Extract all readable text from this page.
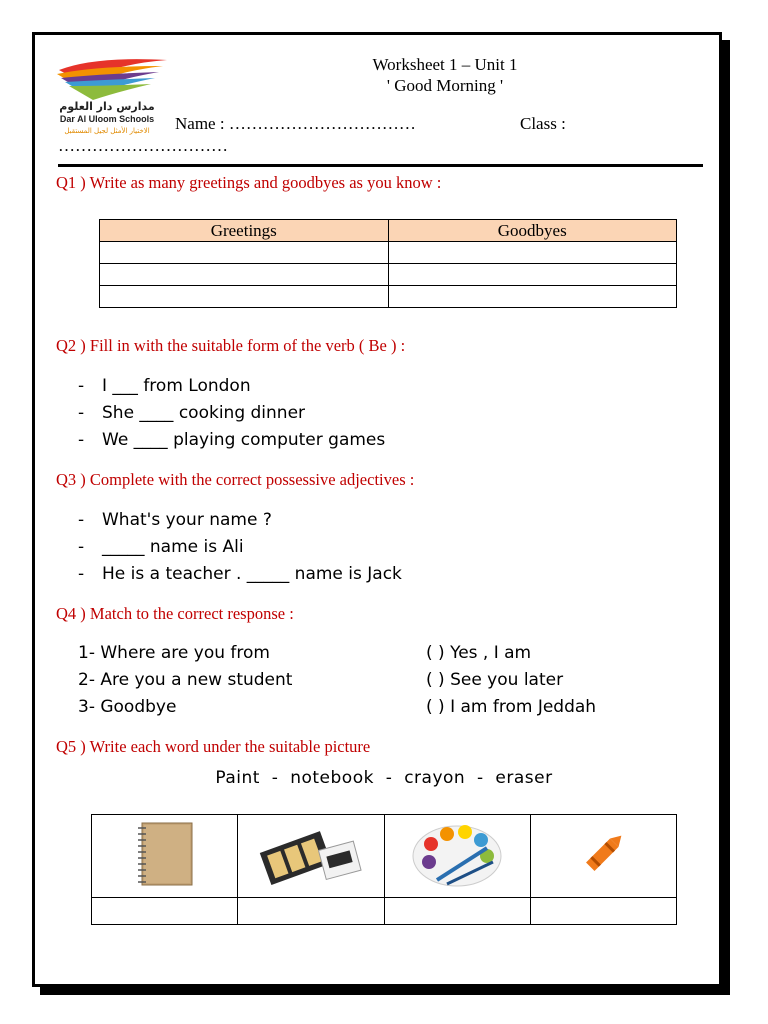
مدارس دار العلوم
Dar Al Uloom Schools
الاختيار الأمثل لجيل المستقبل
Worksheet 1 – Unit 1
' Good Morning '
Name : ……………………………	Class :
…………………………
Q1 ) Write as many greetings and goodbyes as you know :
Greetings	Goodbyes

Q2 ) Fill in with the suitable form of the verb ( Be ) :
- I ___ from London
- She ____ cooking dinner
- We ____ playing computer games
Q3 ) Complete with the correct possessive adjectives :
- What's your name ?
- _____ name is Ali
- He is a teacher . _____ name is Jack
Q4 ) Match to the correct response :
1- Where are you from	( ) Yes , I am
2- Are you a new student	( ) See you later
3- Goodbye	( ) I am from Jeddah
Q5 ) Write each word under the suitable picture
Paint  -  notebook  -  crayon  -  eraser
